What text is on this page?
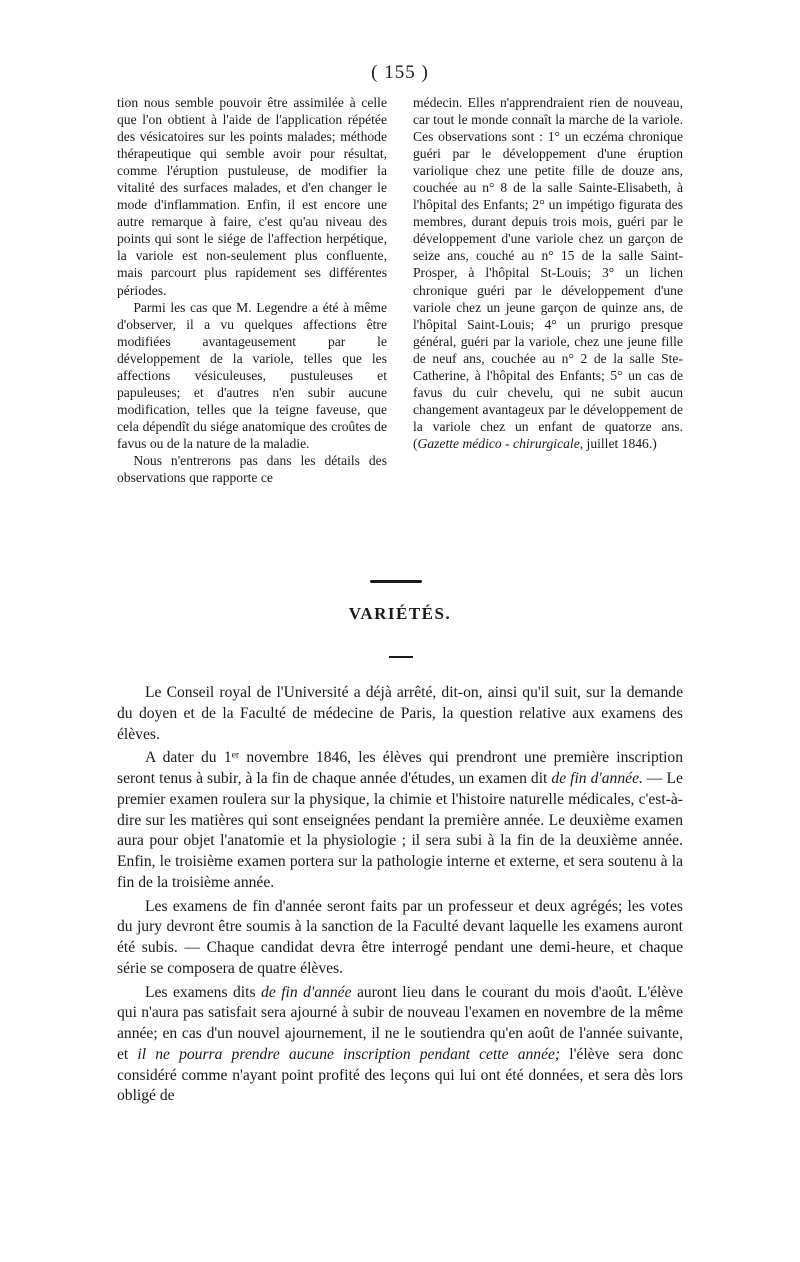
( 155 )

tion nous semble pouvoir être assimilée à celle que l'on obtient à l'aide de l'application répétée des vésicatoires sur les points malades; méthode thérapeutique qui semble avoir pour résultat, comme l'éruption pustuleuse, de modifier la vitalité des surfaces malades, et d'en changer le mode d'inflammation. Enfin, il est encore une autre remarque à faire, c'est qu'au niveau des points qui sont le siége de l'affection herpétique, la variole est non-seulement plus confluente, mais parcourt plus rapidement ses différentes périodes.

Parmi les cas que M. Legendre a été à même d'observer, il a vu quelques affections être modifiées avantageusement par le développement de la variole, telles que les affections vésiculeuses, pustuleuses et papuleuses; et d'autres n'en subir aucune modification, telles que la teigne faveuse, que cela dépendît du siége anatomique des croûtes de favus ou de la nature de la maladie.

Nous n'entrerons pas dans les détails des observations que rapporte ce

médecin. Elles n'apprendraient rien de nouveau, car tout le monde connaît la marche de la variole. Ces observations sont : 1° un eczéma chronique guéri par le développement d'une éruption variolique chez une petite fille de douze ans, couchée au n° 8 de la salle Sainte-Elisabeth, à l'hôpital des Enfants; 2° un impétigo figurata des membres, durant depuis trois mois, guéri par le développement d'une variole chez un garçon de seize ans, couché au n° 15 de la salle Saint-Prosper, à l'hôpital St-Louis; 3° un lichen chronique guéri par le développement d'une variole chez un jeune garçon de quinze ans, de l'hôpital Saint-Louis; 4° un prurigo presque général, guéri par la variole, chez une jeune fille de neuf ans, couchée au n° 2 de la salle Ste-Catherine, à l'hôpital des Enfants; 5° un cas de favus du cuir chevelu, qui ne subit aucun changement avantageux par le développement de la variole chez un enfant de quatorze ans. (Gazette médico - chirurgicale, juillet 1846.)

VARIÉTÉS.

Le Conseil royal de l'Université a déjà arrêté, dit-on, ainsi qu'il suit, sur la demande du doyen et de la Faculté de médecine de Paris, la question relative aux examens des élèves.

A dater du 1er novembre 1846, les élèves qui prendront une première inscription seront tenus à subir, à la fin de chaque année d'études, un examen dit de fin d'année. — Le premier examen roulera sur la physique, la chimie et l'histoire naturelle médicales, c'est-à-dire sur les matières qui sont enseignées pendant la première année. Le deuxième examen aura pour objet l'anatomie et la physiologie ; il sera subi à la fin de la deuxième année. Enfin, le troisième examen portera sur la pathologie interne et externe, et sera soutenu à la fin de la troisième année.

Les examens de fin d'année seront faits par un professeur et deux agrégés; les votes du jury devront être soumis à la sanction de la Faculté devant laquelle les examens auront été subis. — Chaque candidat devra être interrogé pendant une demi-heure, et chaque série se composera de quatre élèves.

Les examens dits de fin d'année auront lieu dans le courant du mois d'août. L'élève qui n'aura pas satisfait sera ajourné à subir de nouveau l'examen en novembre de la même année; en cas d'un nouvel ajournement, il ne le soutiendra qu'en août de l'année suivante, et il ne pourra prendre aucune inscription pendant cette année; l'élève sera donc considéré comme n'ayant point profité des leçons qui lui ont été données, et sera dès lors obligé de
